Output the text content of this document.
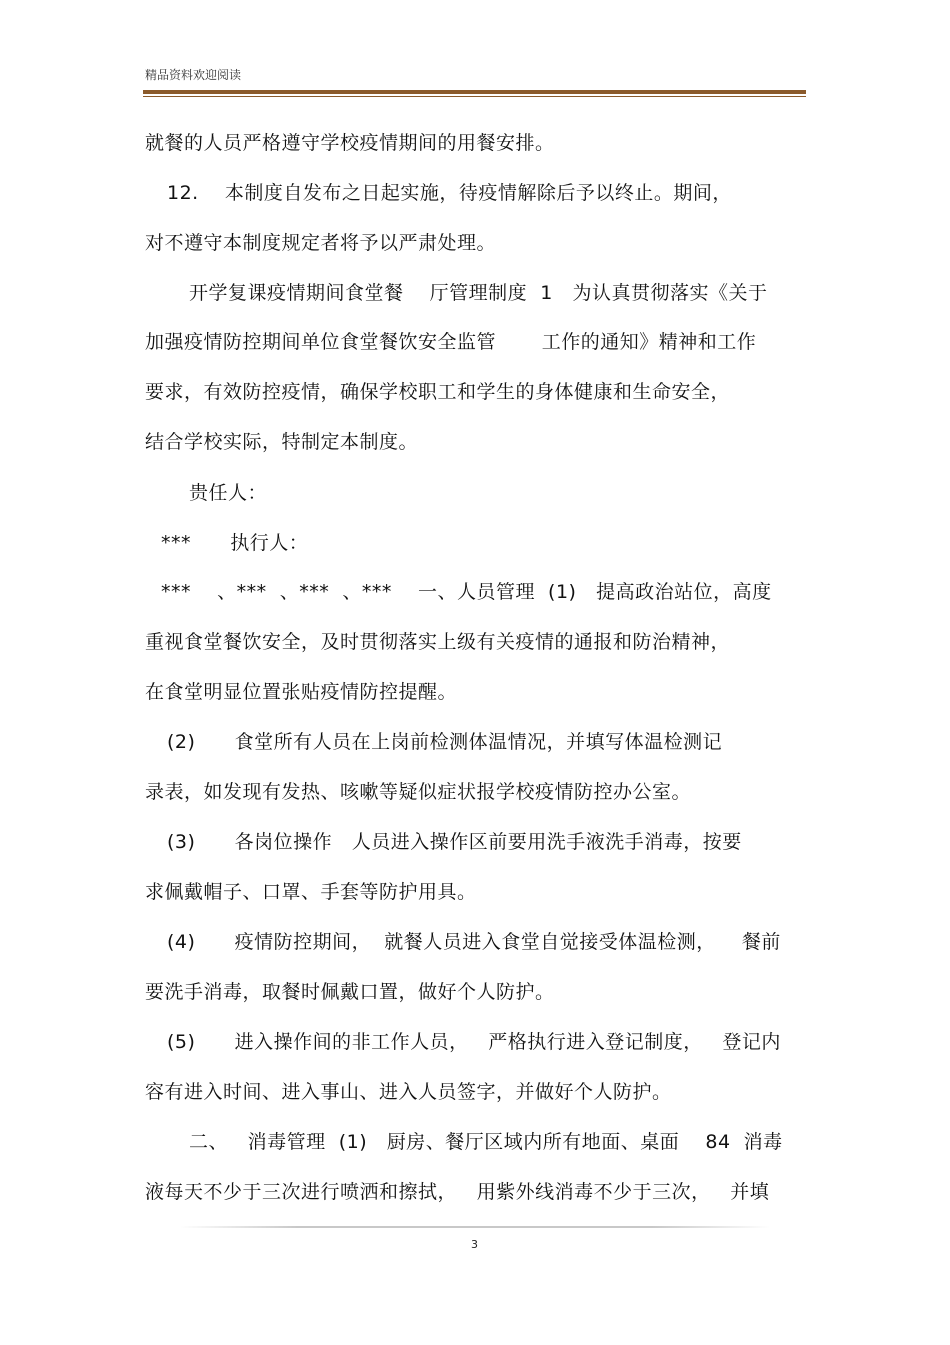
精品资料欢迎阅读
就餐的人员严格遵守学校疫情期间的用餐安排。
12.    本制度自发布之日起实施，待疫情解除后予以终止。期间，
对不遵守本制度规定者将予以严肃处理。
开学复课疫情期间食堂餐    厅管理制度  1   为认真贯彻落实《关于
加强疫情防控期间单位食堂餐饮安全监管       工作的通知》精神和工作
要求，有效防控疫情，确保学校职工和学生的身体健康和生命安全，
结合学校实际，特制定本制度。
贵任人：
***      执行人：
***    、***  、***  、***    一、人员管理  (1)   提高政治站位，高度
重视食堂餐饮安全，及时贯彻落实上级有关疫情的通报和防治精神，
在食堂明显位置张贴疫情防控提醒。
(2)      食堂所有人员在上岗前检测体温情况，并填写体温检测记
录表，如发现有发热、咳嗽等疑似症状报学校疫情防控办公室。
(3)      各岗位操作   人员进入操作区前要用洗手液洗手消毒，按要
求佩戴帽子、口罩、手套等防护用具。
(4)      疫情防控期间，  就餐人员进入食堂自觉接受体温检测，    餐前
要洗手消毒，取餐时佩戴口置，做好个人防护。
(5)      进入操作间的非工作人员，   严格执行进入登记制度，   登记内
容有进入时间、进入事山、进入人员签字，并做好个人防护。
二、   消毒管理  (1)   厨房、餐厅区域内所有地面、桌面    84  消毒
液每天不少于三次进行喷洒和擦拭，   用紫外线消毒不少于三次，   并填
3
